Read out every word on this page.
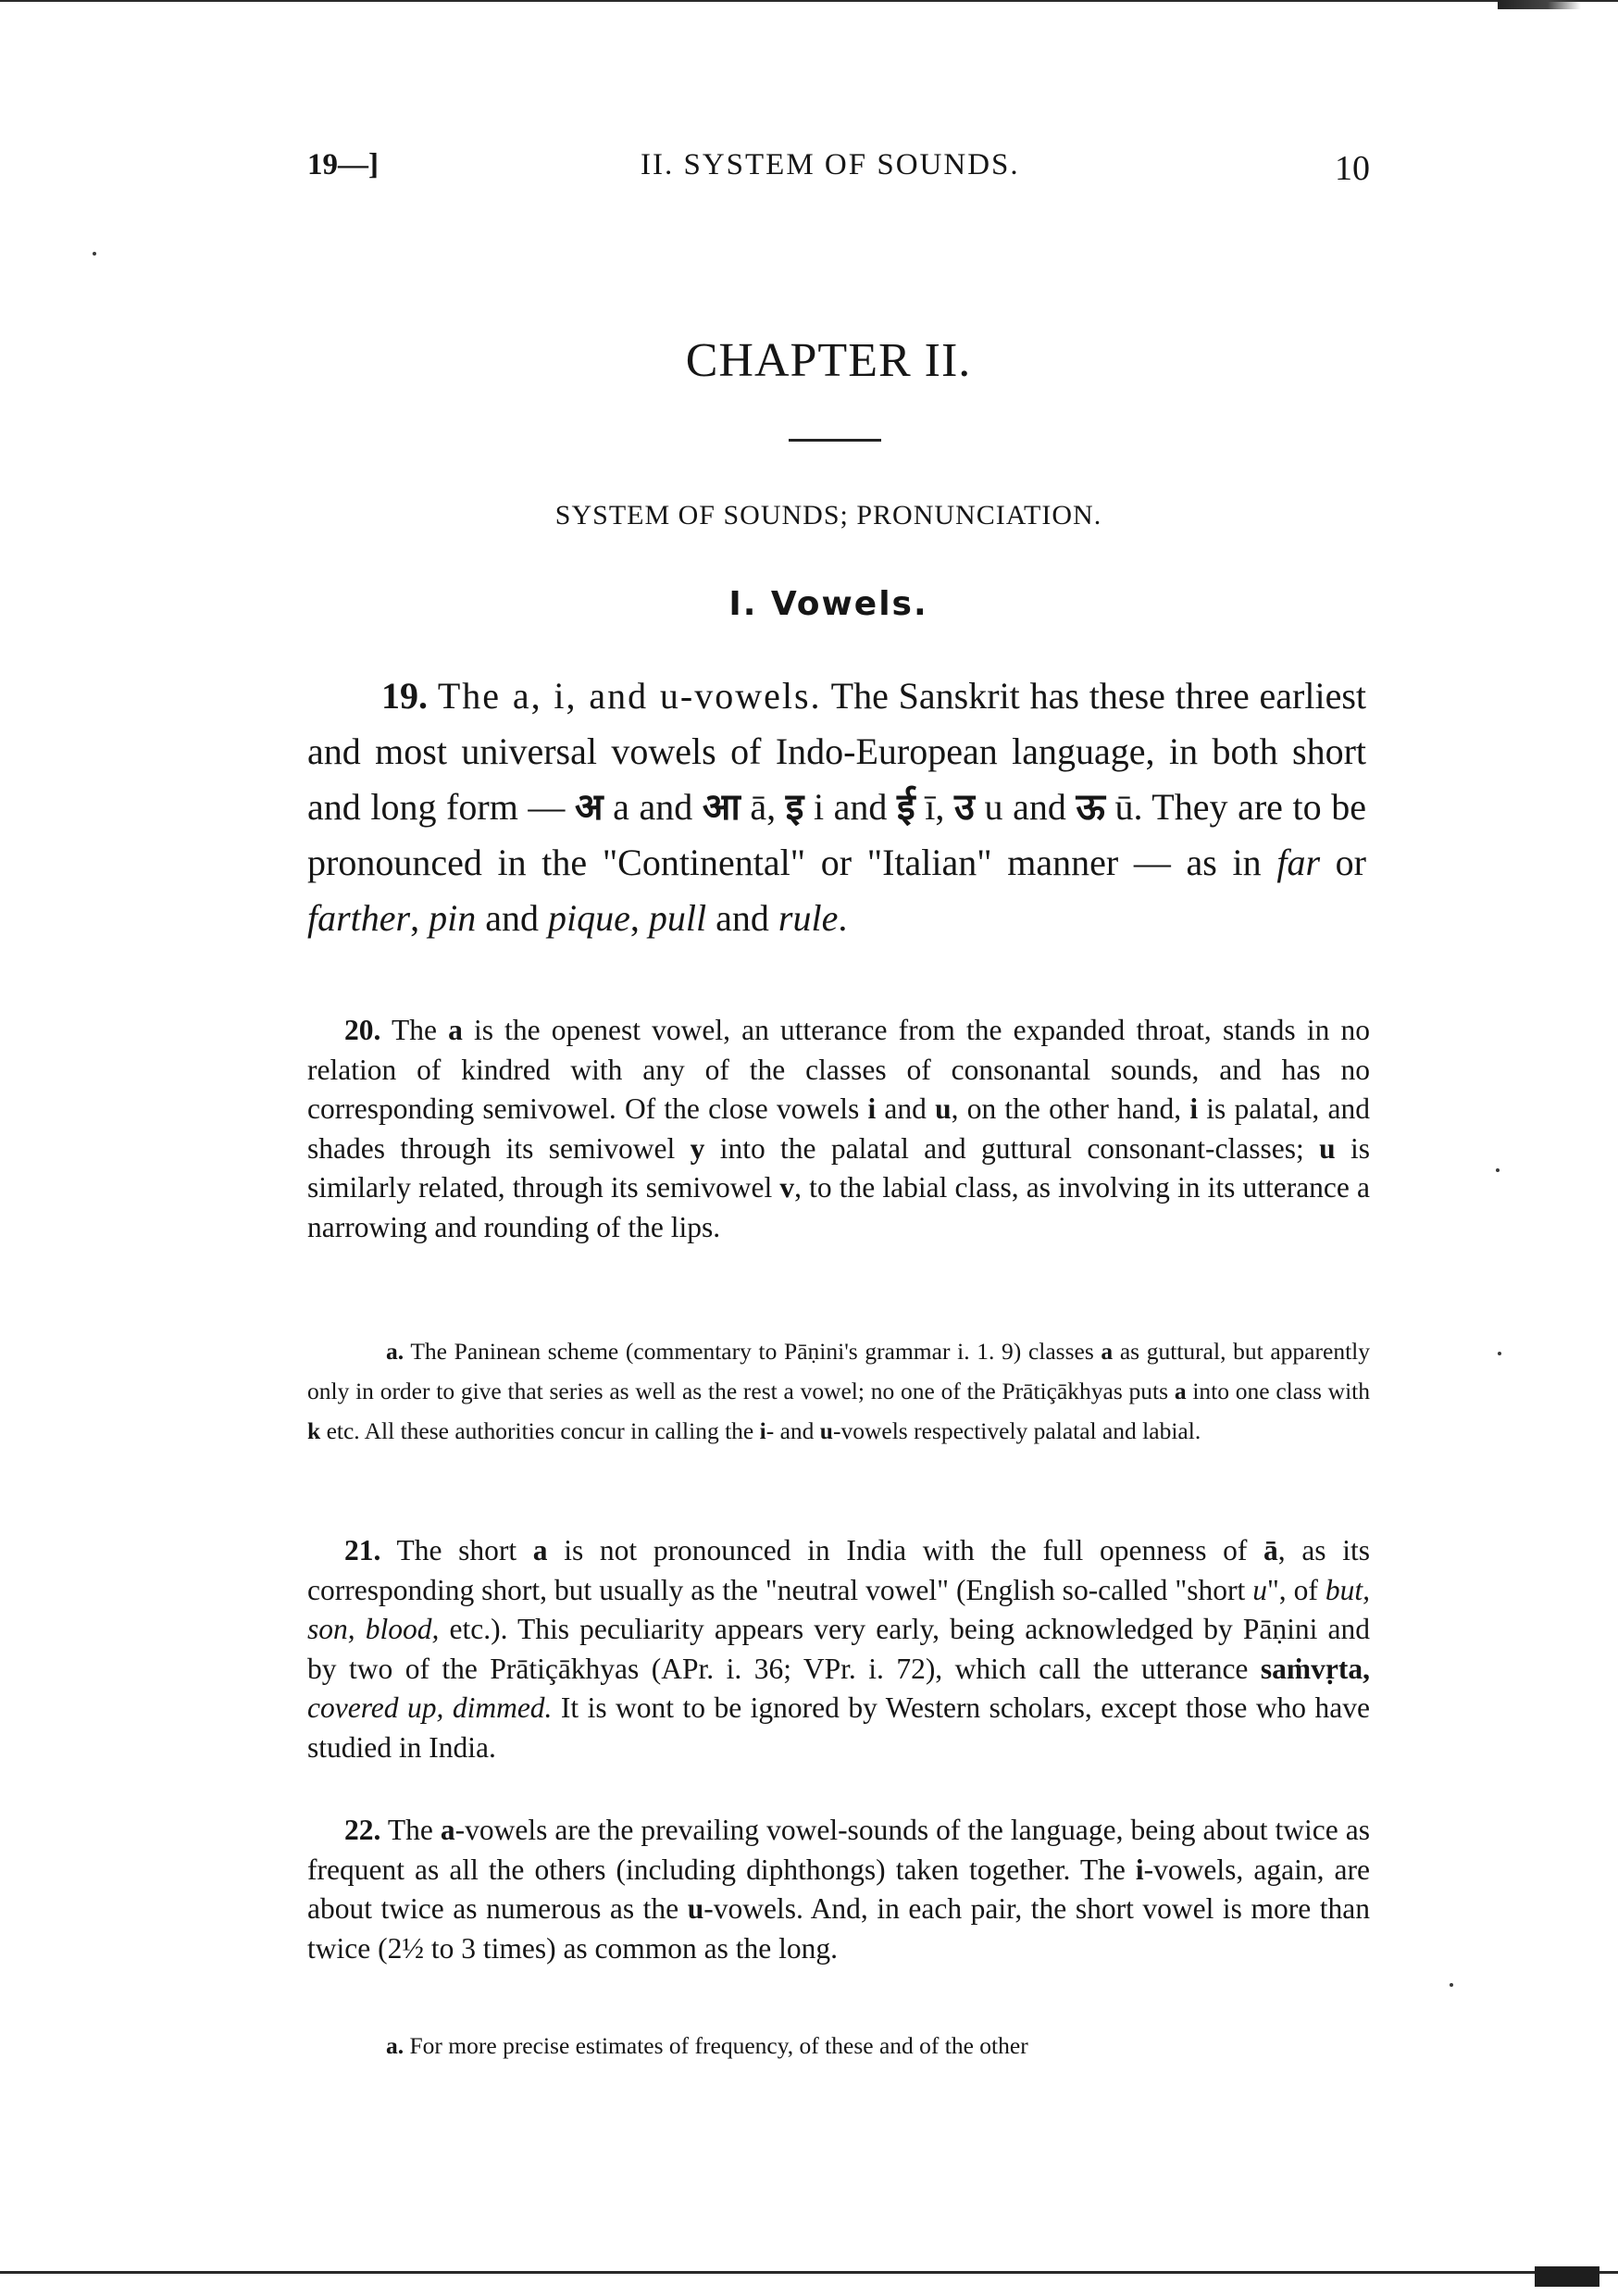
19—]	II. SYSTEM OF SOUNDS.	10
CHAPTER II.
SYSTEM OF SOUNDS; PRONUNCIATION.
I. Vowels.
19. The a, i, and u-vowels. The Sanskrit has these three earliest and most universal vowels of Indo-European language, in both short and long form — अ a and आ ā, इ i and ई ī, उ u and ऊ ū. They are to be pronounced in the "Continental" or "Italian" manner — as in far or farther, pin and pique, pull and rule.
20. The a is the openest vowel, an utterance from the expanded throat, stands in no relation of kindred with any of the classes of consonantal sounds, and has no corresponding semivowel. Of the close vowels i and u, on the other hand, i is palatal, and shades through its semivowel y into the palatal and guttural consonant-classes; u is similarly related, through its semivowel v, to the labial class, as involving in its utterance a narrowing and rounding of the lips.
a. The Paninean scheme (commentary to Pāṇini's grammar i. 1. 9) classes a as guttural, but apparently only in order to give that series as well as the rest a vowel; no one of the Prātiçākhyas puts a into one class with k etc. All these authorities concur in calling the i- and u-vowels respectively palatal and labial.
21. The short a is not pronounced in India with the full openness of ā, as its corresponding short, but usually as the "neutral vowel" (English so-called "short u", of but, son, blood, etc.). This peculiarity appears very early, being acknowledged by Pāṇini and by two of the Prātiçākhyas (APr. i. 36; VPr. i. 72), which call the utterance saṁvṛta, covered up, dimmed. It is wont to be ignored by Western scholars, except those who have studied in India.
22. The a-vowels are the prevailing vowel-sounds of the language, being about twice as frequent as all the others (including diphthongs) taken together. The i-vowels, again, are about twice as numerous as the u-vowels. And, in each pair, the short vowel is more than twice (2½ to 3 times) as common as the long.
a. For more precise estimates of frequency, of these and of the other
